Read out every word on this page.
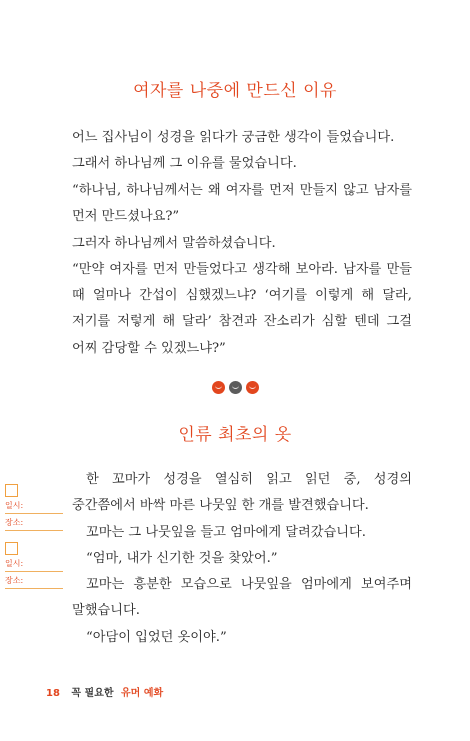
여자를 나중에 만드신 이유

어느 집사님이 성경을 읽다가 궁금한 생각이 들었습니다.

그래서 하나님께 그 이유를 물었습니다.

“하나님, 하나님께서는 왜 여자를 먼저 만들지 않고 남자를 먼저 만드셨나요?”

그러자 하나님께서 말씀하셨습니다.

“만약 여자를 먼저 만들었다고 생각해 보아라. 남자를 만들 때 얼마나 간섭이 심했겠느냐? ‘여기를 이렇게 해 달라, 저기를 저렇게 해 달라’ 참견과 잔소리가 심할 텐데 그걸 어찌 감당할 수 있겠느냐?”

인류 최초의 옷

한 꼬마가 성경을 열심히 읽고 읽던 중, 성경의 중간쯤에서 바싹 마른 나뭇잎 한 개를 발견했습니다.

꼬마는 그 나뭇잎을 들고 엄마에게 달려갔습니다.

“엄마, 내가 신기한 것을 찾았어.”

꼬마는 흥분한 모습으로 나뭇잎을 엄마에게 보여주며 말했습니다.

“아담이 입었던 옷이야.”

일시:
장소:
일시:
장소:
18 꼭 필요한 유머 예화
